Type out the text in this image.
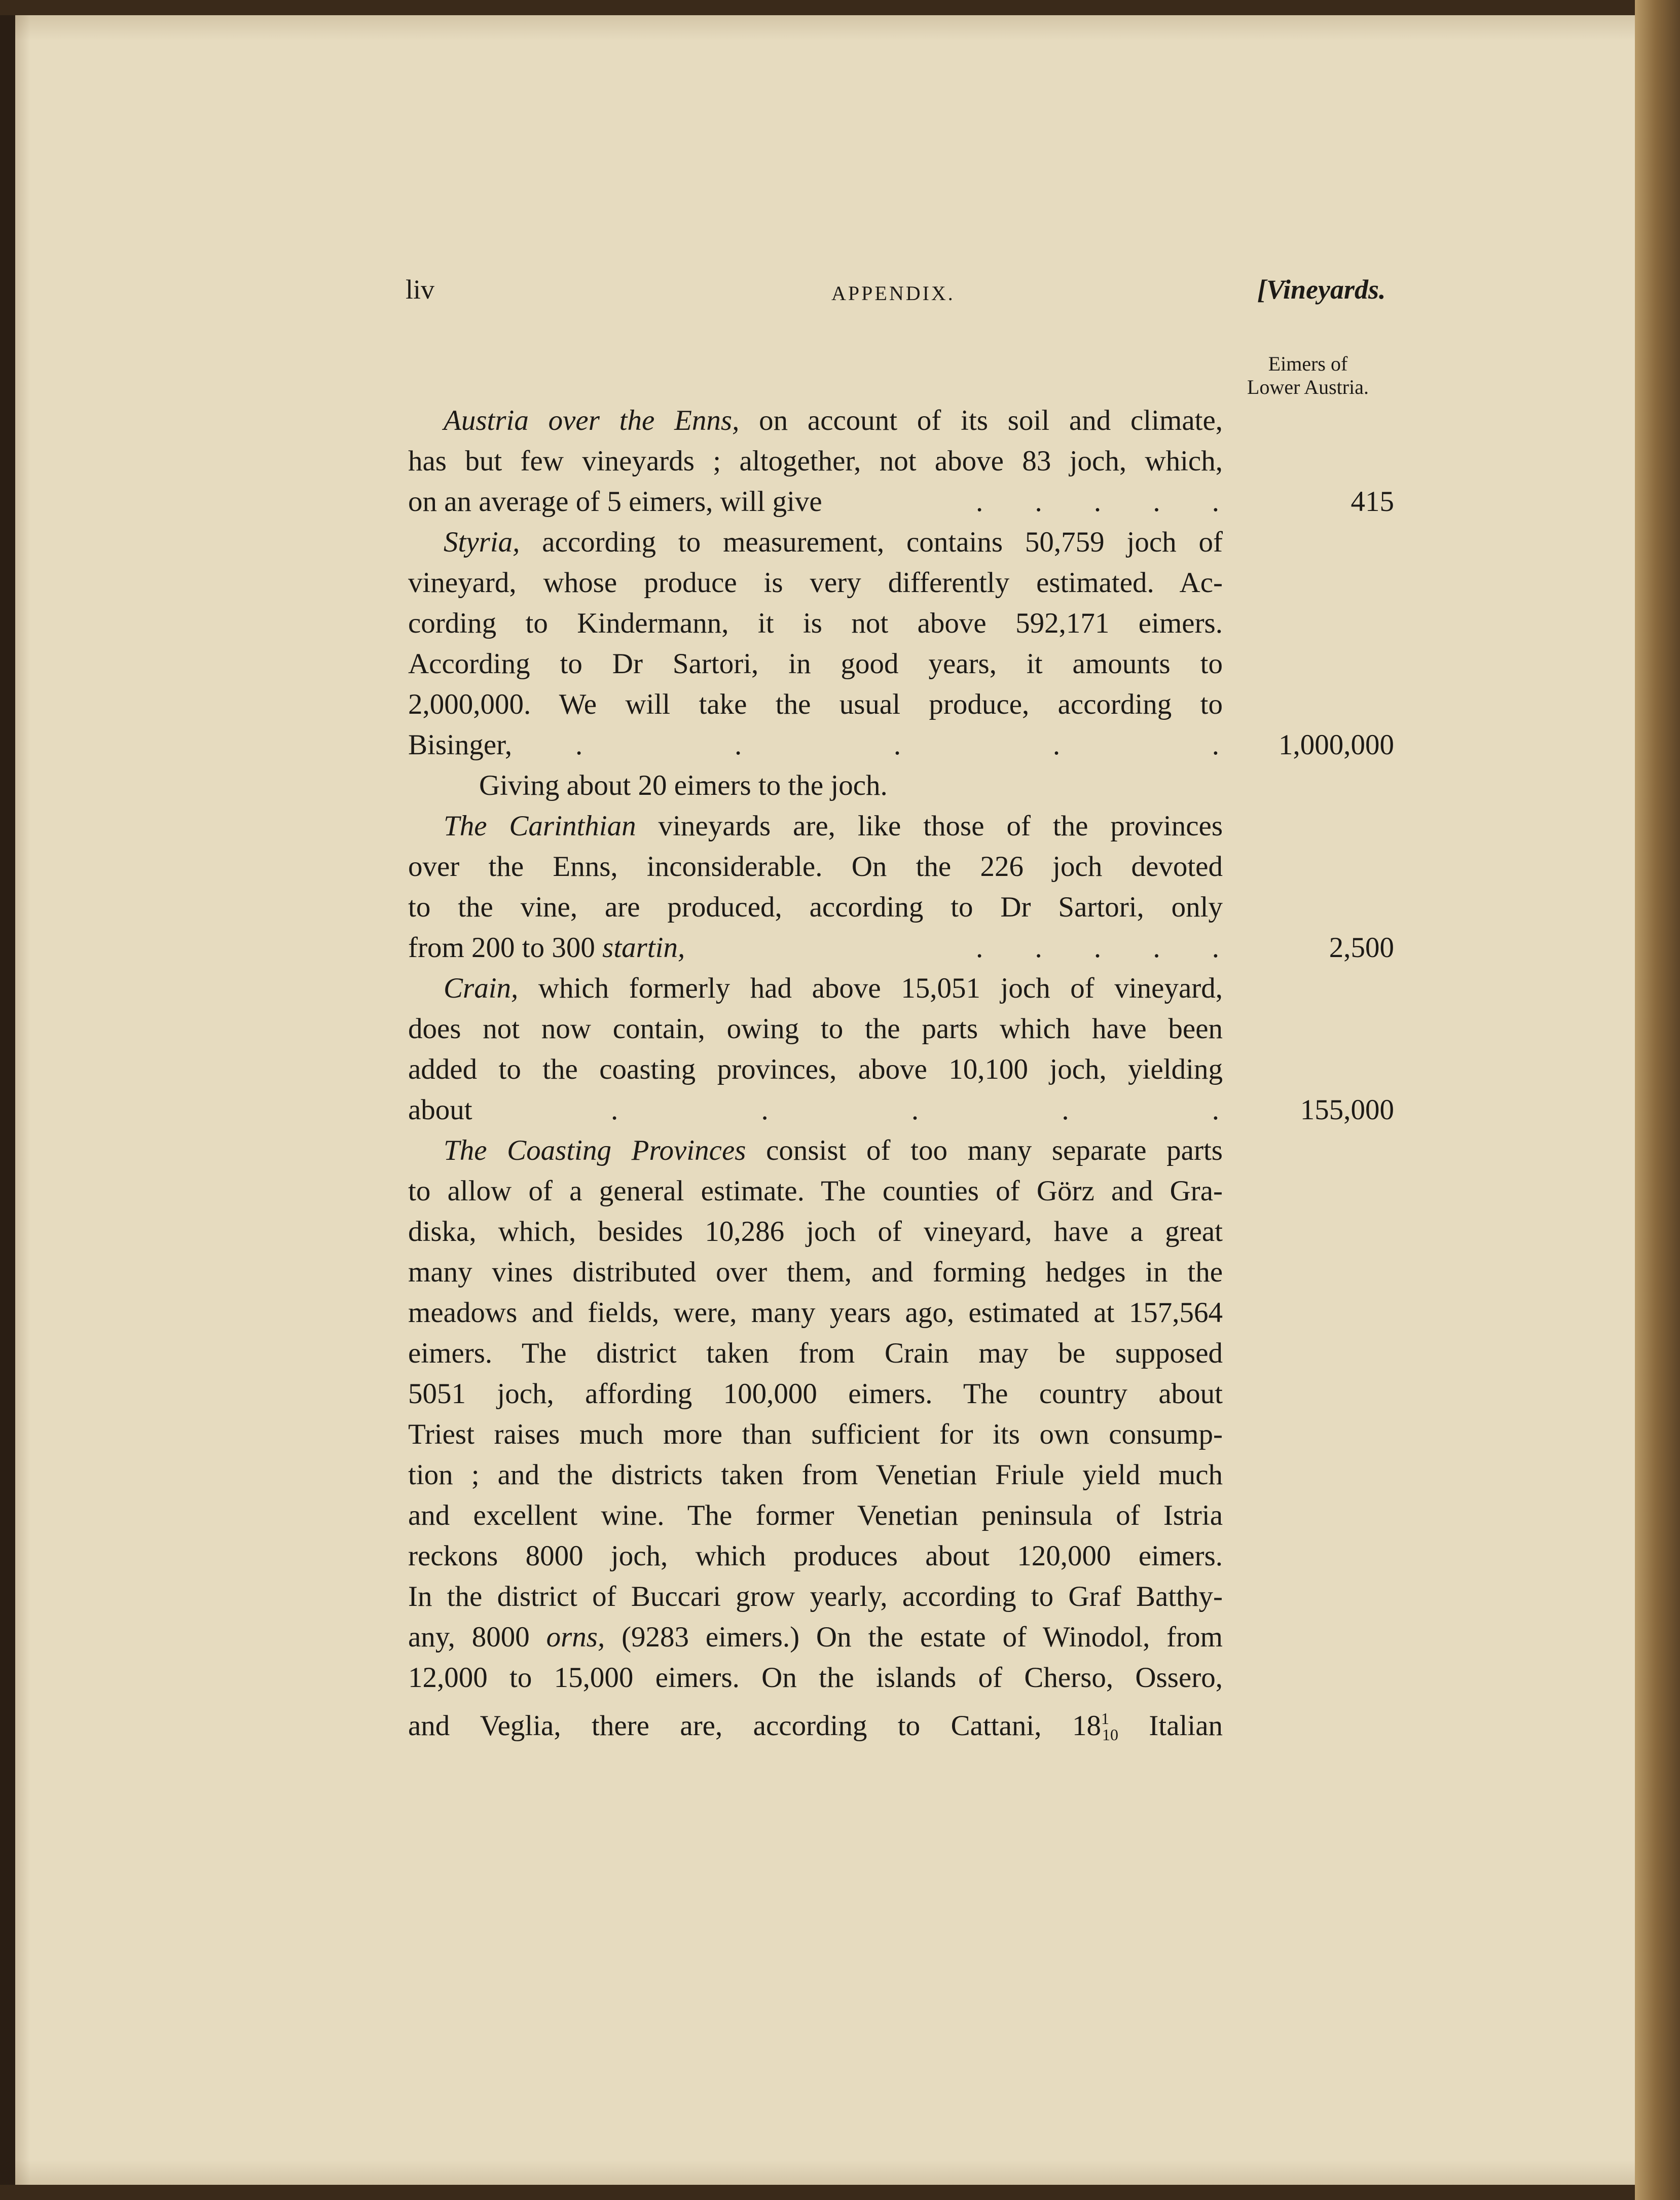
liv	APPENDIX.	[Vineyards.
Eimers of
Lower Austria.
Austria over the Enns, on account of its soil and climate,
has but few vineyards ; altogether, not above 83 joch, which,
on an average of 5 eimers, will give	. . . . .	415
Styria, according to measurement, contains 50,759 joch of
vineyard, whose produce is very differently estimated. Ac-
cording to Kindermann, it is not above 592,171 eimers.
According to Dr Sartori, in good years, it amounts to
2,000,000. We will take the usual produce, according to
Bisinger, . . . . .	1,000,000
Giving about 20 eimers to the joch.
The Carinthian vineyards are, like those of the provinces
over the Enns, inconsiderable. On the 226 joch devoted
to the vine, are produced, according to Dr Sartori, only
from 200 to 300 startin,	. . . . .	2,500
Crain, which formerly had above 15,051 joch of vineyard,
does not now contain, owing to the parts which have been
added to the coasting provinces, above 10,100 joch, yielding
about	. . . . .	155,000
The Coasting Provinces consist of too many separate parts
to allow of a general estimate. The counties of Görz and Gra-
diska, which, besides 10,286 joch of vineyard, have a great
many vines distributed over them, and forming hedges in the
meadows and fields, were, many years ago, estimated at 157,564
eimers. The district taken from Crain may be supposed
5051 joch, affording 100,000 eimers. The country about
Triest raises much more than sufficient for its own consump-
tion ; and the districts taken from Venetian Friule yield much
and excellent wine. The former Venetian peninsula of Istria
reckons 8000 joch, which produces about 120,000 eimers.
In the district of Buccari grow yearly, according to Graf Batthy-
any, 8000 orns, (9283 eimers.) On the estate of Winodol, from
12,000 to 15,000 eimers. On the islands of Cherso, Ossero,
and Veglia, there are, according to Cattani, $18^1_{10}$ Italian
